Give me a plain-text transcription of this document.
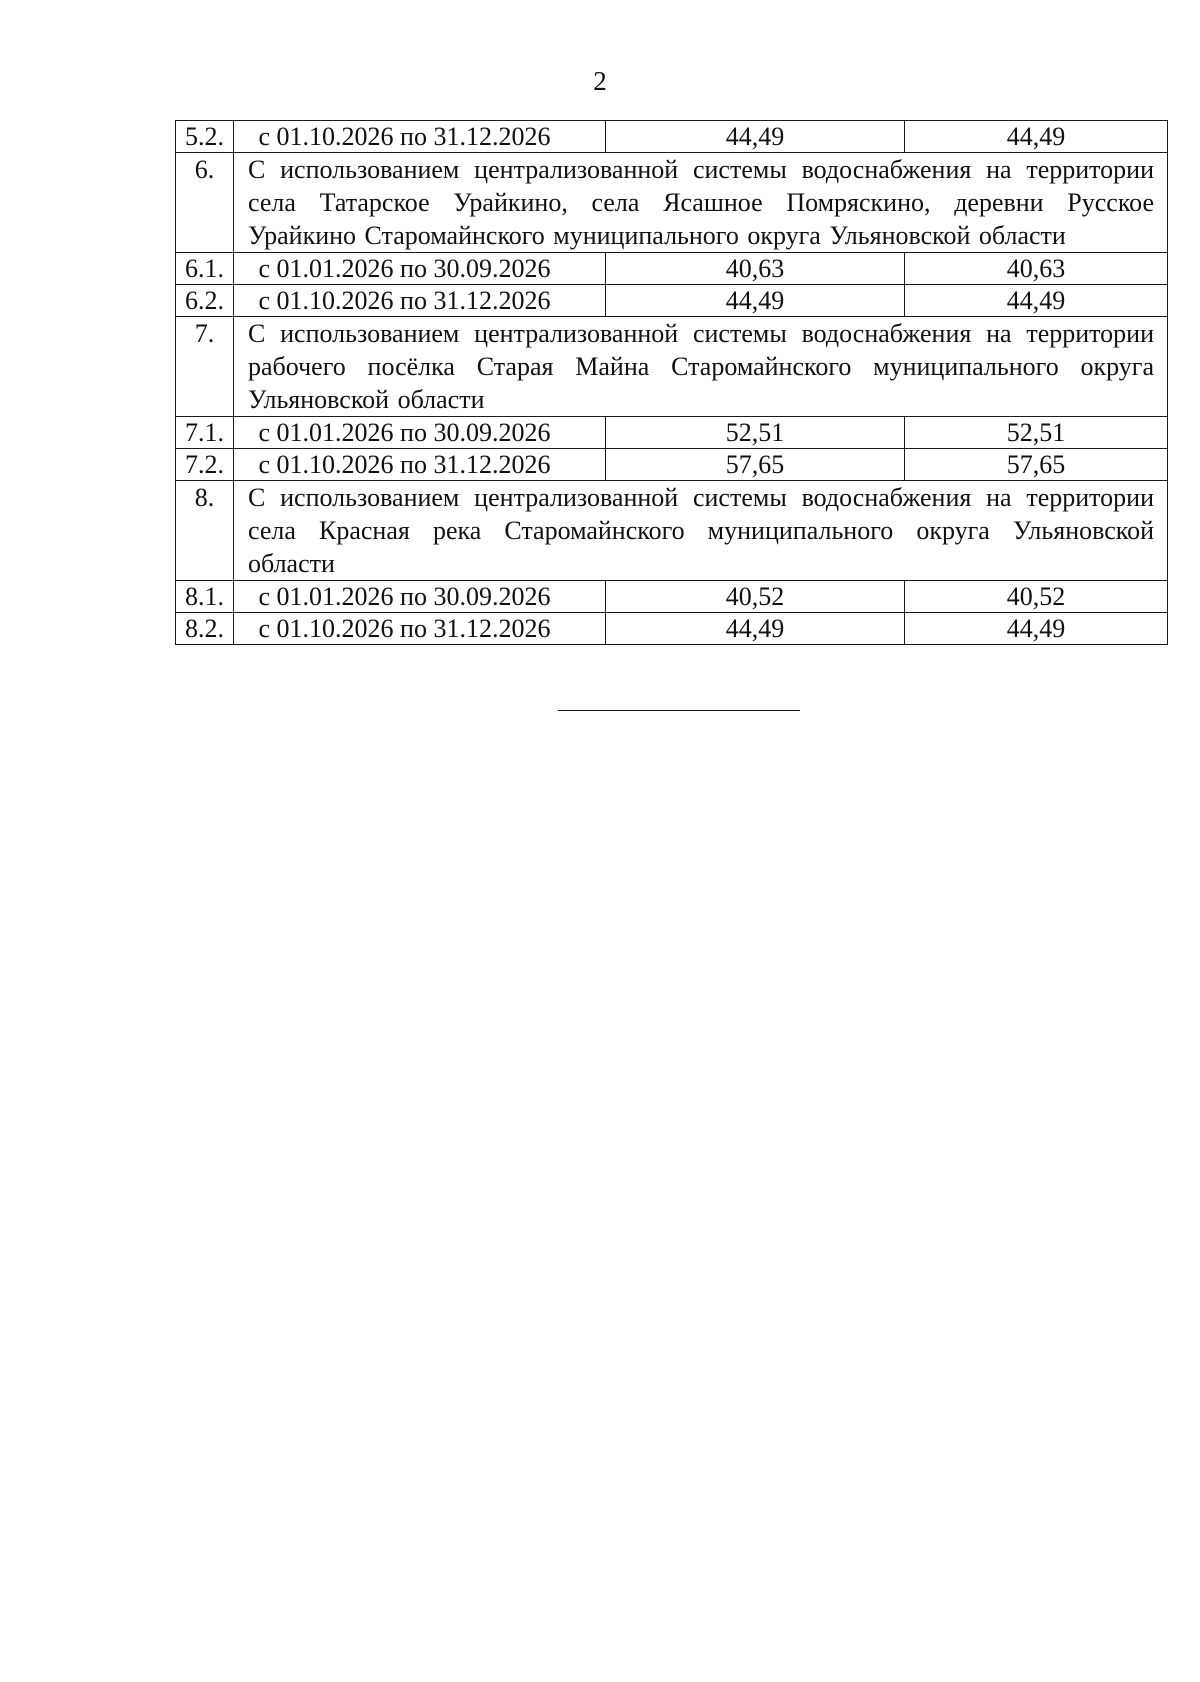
2
5.2.	с 01.10.2026 по 31.12.2026	44,49	44,49
6.	С использованием централизованной системы водоснабжения на территории села Татарское Урайкино, села Ясашное Помряскино, деревни Русское Урайкино Старомайнского муниципального округа Ульяновской области		
6.1.	с 01.01.2026 по 30.09.2026	40,63	40,63
6.2.	с 01.10.2026 по 31.12.2026	44,49	44,49
7.	С использованием централизованной системы водоснабжения на территории рабочего посёлка Старая Майна Старомайнского муниципального округа Ульяновской области		
7.1.	с 01.01.2026 по 30.09.2026	52,51	52,51
7.2.	с 01.10.2026 по 31.12.2026	57,65	57,65
8.	С использованием централизованной системы водоснабжения на территории села Красная река Старомайнского муниципального округа Ульяновской области		
8.1.	с 01.01.2026 по 30.09.2026	40,52	40,52
8.2.	с 01.10.2026 по 31.12.2026	44,49	44,49
